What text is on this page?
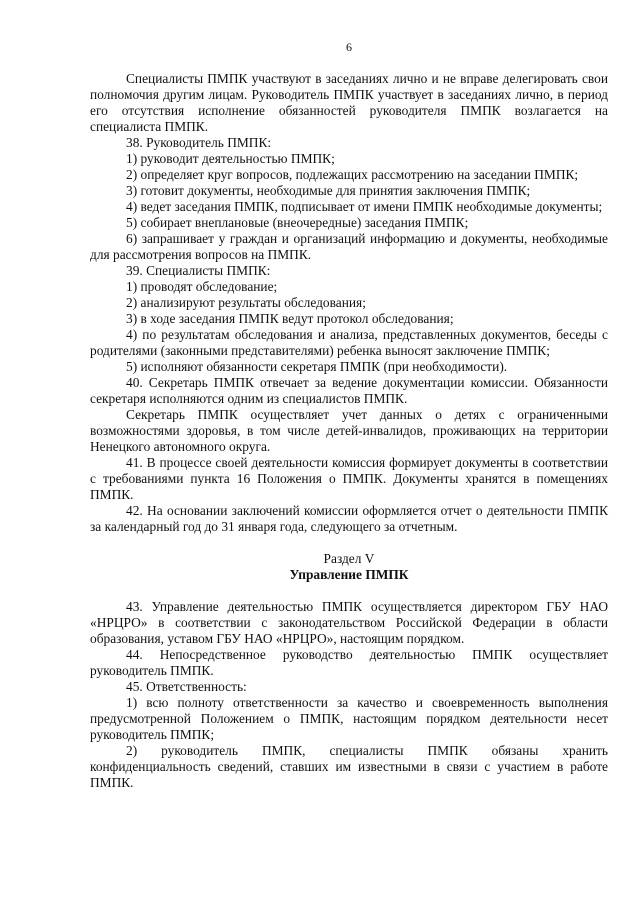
6

Специалисты ПМПК участвуют в заседаниях лично и не вправе делегировать свои полномочия другим лицам. Руководитель ПМПК участвует в заседаниях лично, в период его отсутствия исполнение обязанностей руководителя ПМПК возлагается на специалиста ПМПК.

38. Руководитель ПМПК:

1) руководит деятельностью ПМПК;

2) определяет круг вопросов, подлежащих рассмотрению на заседании ПМПК;

3) готовит документы, необходимые для принятия заключения ПМПК;

4) ведет заседания ПМПК, подписывает от имени ПМПК необходимые документы;

5) собирает внеплановые (внеочередные) заседания ПМПК;

6) запрашивает у граждан и организаций информацию и документы, необходимые для рассмотрения вопросов на ПМПК.

39. Специалисты ПМПК:

1) проводят обследование;

2) анализируют результаты обследования;

3) в ходе заседания ПМПК ведут протокол обследования;

4) по результатам обследования и анализа, представленных документов, беседы с родителями (законными представителями) ребенка выносят заключение ПМПК;

5) исполняют обязанности секретаря ПМПК (при необходимости).

40. Секретарь ПМПК отвечает за ведение документации комиссии. Обязанности секретаря исполняются одним из специалистов ПМПК.

Секретарь ПМПК осуществляет учет данных о детях с ограниченными возможностями здоровья, в том числе детей-инвалидов, проживающих на территории Ненецкого автономного округа.

41. В процессе своей деятельности комиссия формирует документы в соответствии с требованиями пункта 16 Положения о ПМПК. Документы хранятся в помещениях ПМПК.

42. На основании заключений комиссии оформляется отчет о деятельности ПМПК за календарный год до 31 января года, следующего за отчетным.

Раздел V
Управление ПМПК

43. Управление деятельностью ПМПК осуществляется директором ГБУ НАО «НРЦРО» в соответствии с законодательством Российской Федерации в области образования, уставом ГБУ НАО «НРЦРО», настоящим порядком.

44. Непосредственное руководство деятельностью ПМПК осуществляет руководитель ПМПК.

45. Ответственность:

1) всю полноту ответственности за качество и своевременность выполнения предусмотренной Положением о ПМПК, настоящим порядком деятельности несет руководитель ПМПК;

2) руководитель ПМПК, специалисты ПМПК обязаны хранить конфиденциальность сведений, ставших им известными в связи с участием в работе ПМПК.
